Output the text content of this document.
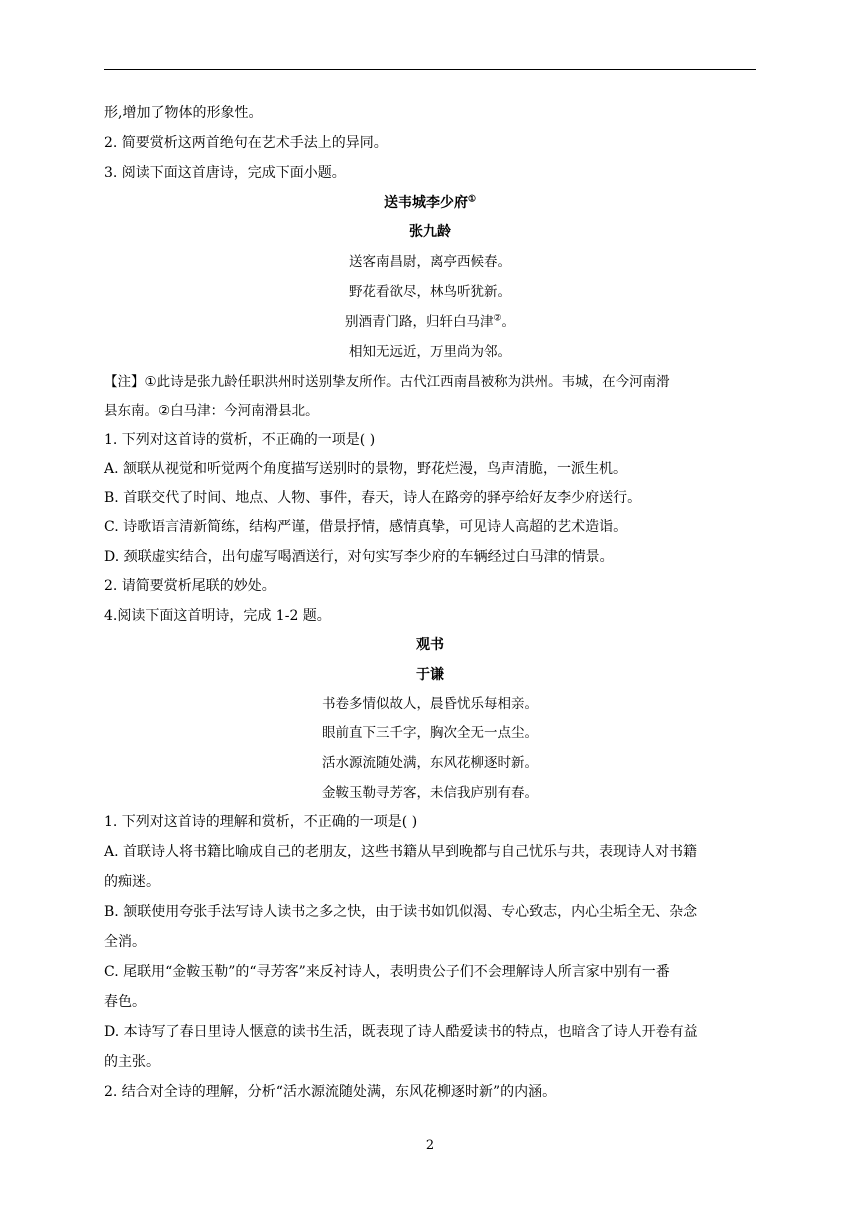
形,增加了物体的形象性。
2. 简要赏析这两首绝句在艺术手法上的异同。
3. 阅读下面这首唐诗，完成下面小题。
送韦城李少府①
张九龄
送客南昌尉，离亭西候春。
野花看欲尽，林鸟听犹新。
别酒青门路，归轩白马津②。
相知无远近，万里尚为邻。
【注】①此诗是张九龄任职洪州时送别挚友所作。古代江西南昌被称为洪州。韦城，在今河南滑
县东南。②白马津：今河南滑县北。
1. 下列对这首诗的赏析，不正确的一项是( )
A. 颔联从视觉和听觉两个角度描写送别时的景物，野花烂漫，鸟声清脆，一派生机。
B. 首联交代了时间、地点、人物、事件，春天，诗人在路旁的驿亭给好友李少府送行。
C. 诗歌语言清新简练，结构严谨，借景抒情，感情真挚，可见诗人高超的艺术造诣。
D. 颈联虚实结合，出句虚写喝酒送行，对句实写李少府的车辆经过白马津的情景。
2. 请简要赏析尾联的妙处。
4.阅读下面这首明诗，完成 1-2 题。
观书
于谦
书卷多情似故人，晨昏忧乐每相亲。
眼前直下三千字，胸次全无一点尘。
活水源流随处满，东风花柳逐时新。
金鞍玉勒寻芳客，未信我庐别有春。
1. 下列对这首诗的理解和赏析，不正确的一项是( )
A. 首联诗人将书籍比喻成自己的老朋友，这些书籍从早到晚都与自己忧乐与共，表现诗人对书籍
的痴迷。
B. 颔联使用夸张手法写诗人读书之多之快，由于读书如饥似渴、专心致志，内心尘垢全无、杂念
全消。
C. 尾联用“金鞍玉勒”的“寻芳客”来反衬诗人，表明贵公子们不会理解诗人所言家中别有一番
春色。
D. 本诗写了春日里诗人惬意的读书生活，既表现了诗人酷爱读书的特点，也暗含了诗人开卷有益
的主张。
2. 结合对全诗的理解，分析“活水源流随处满，东风花柳逐时新”的内涵。
2
